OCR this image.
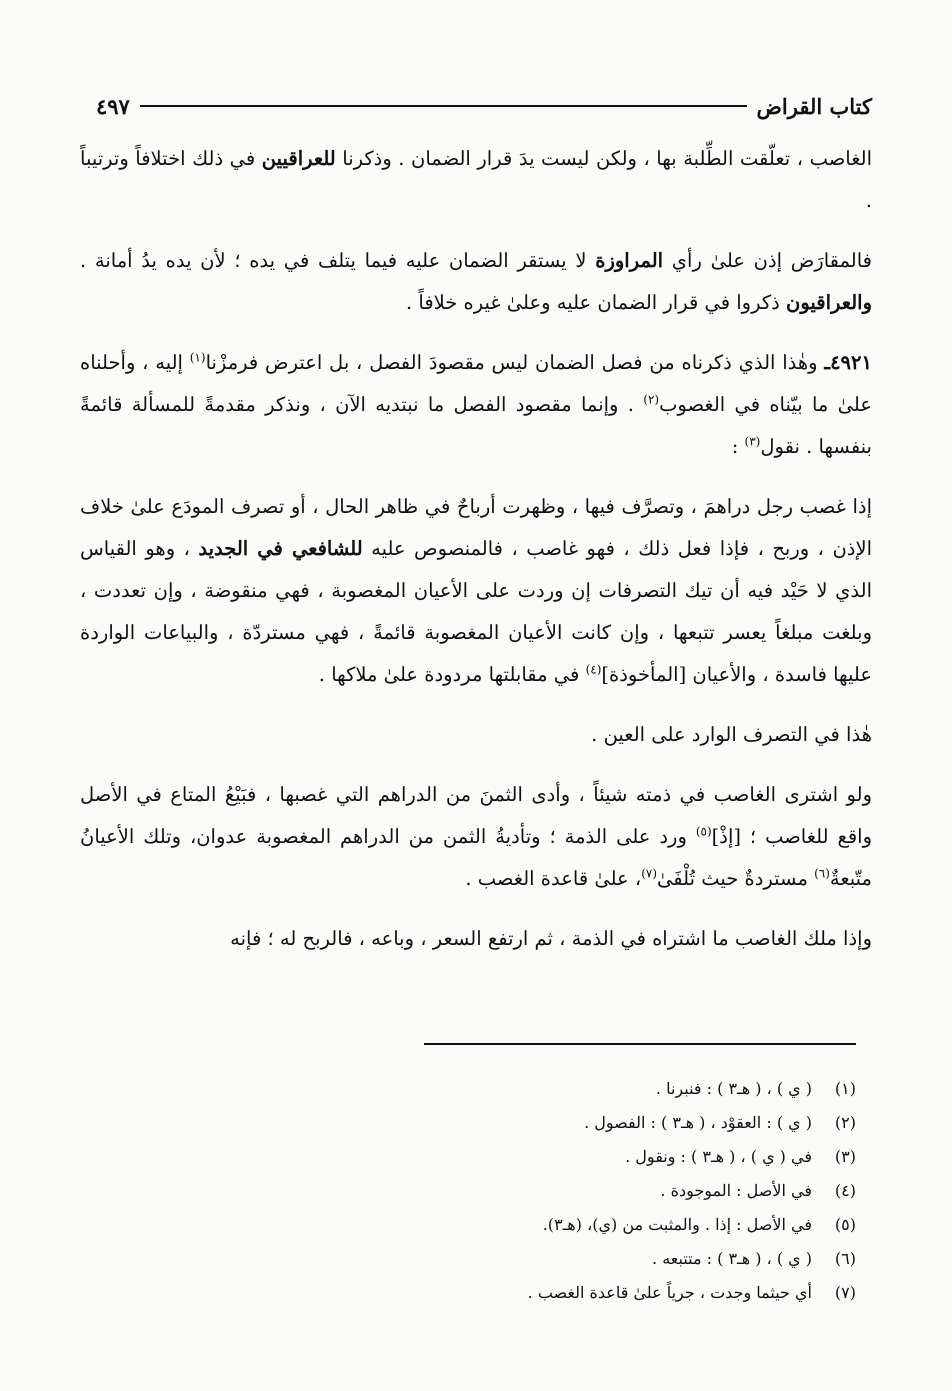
كتاب القراض
٤٩٧

الغاصب ، تعلّقت الطِّلبة بها ، ولكن ليست يدَ قرار الضمان . وذكرنا للعراقيين في ذلك اختلافاً وترتيباً .

فالمقارَض إذن علىٰ رأي المراوزة لا يستقر الضمان عليه فيما يتلف في يده ؛ لأن يده يدُ أمانة . والعراقيون ذكروا في قرار الضمان عليه وعلىٰ غيره خلافاً .

٤٩٢١ـ وهٰذا الذي ذكرناه من فصل الضمان ليس مقصودَ الفصل ، بل اعترض فرمزْنا$^{(١)}$ إليه ، وأحلناه علىٰ ما بيّناه في الغصوب$^{(٢)}$ . وإنما مقصود الفصل ما نبتديه الآن ، ونذكر مقدمةً للمسألة قائمةً بنفسها . نقول$^{(٣)}$ :

إذا غصب رجل دراهمَ ، وتصرَّف فيها ، وظهرت أرباحٌ في ظاهر الحال ، أو تصرف المودَع علىٰ خلاف الإذن ، وربح ، فإذا فعل ذلك ، فهو غاصب ، فالمنصوص عليه للشافعي في الجديد ، وهو القياس الذي لا حَيْد فيه أن تيك التصرفات إن وردت على الأعيان المغصوبة ، فهي منقوضة ، وإن تعددت ، وبلغت مبلغاً يعسر تتبعها ، وإن كانت الأعيان المغصوبة قائمةً ، فهي مستردّة ، والبياعات الواردة عليها فاسدة ، والأعيان [المأخوذة]$^{(٤)}$ في مقابلتها مردودة علىٰ ملاكها .

هٰذا في التصرف الوارد على العين .

ولو اشترى الغاصب في ذمته شيئاً ، وأدى الثمنَ من الدراهم التي غصبها ، فبَيْعُ المتاع في الأصل واقع للغاصب ؛ [إذْ]$^{(٥)}$ ورد على الذمة ؛ وتأديةُ الثمن من الدراهم المغصوبة عدوان، وتلك الأعيانُ متّبعةٌ$^{(٦)}$ مستردةٌ حيث تُلْفَىٰ$^{(٧)}$، علىٰ قاعدة الغصب .

وإذا ملك الغاصب ما اشتراه في الذمة ، ثم ارتفع السعر ، وباعه ، فالربح له ؛ فإنه

(١)
( ي ) ، ( هـ٣ ) : فنبرنا .
(٢)
( ي ) : العقوْد ، ( هـ٣ ) : الفصول .
(٣)
في ( ي ) ، ( هـ٣ ) : ونقول .
(٤)
في الأصل : الموجودة .
(٥)
في الأصل : إذا . والمثبت من (ي)، (هـ٣).
(٦)
( ي ) ، ( هـ٣ ) : متتبعه .
(٧)
أي حيثما وجدت ، جرياً علىٰ قاعدة الغصب .
